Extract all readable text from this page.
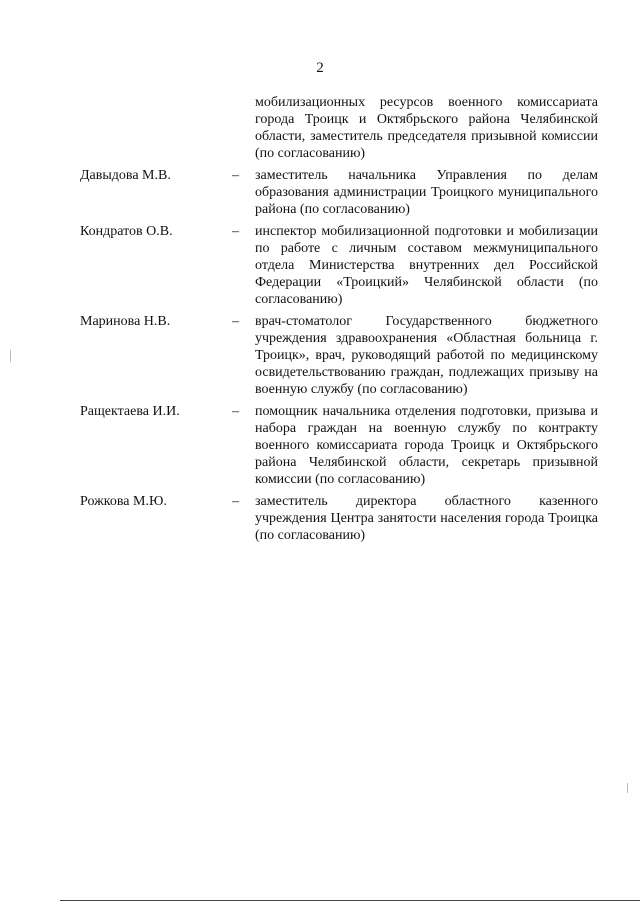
2
мобилизационных ресурсов военного комиссариата города Троицк и Октябрьского района Челябинской области, заместитель председателя призывной комиссии (по согласованию)
Давыдова М.В.	– заместитель начальника Управления по делам образования администрации Троицкого муниципального района (по согласованию)
Кондратов О.В.	– инспектор мобилизационной подготовки и мобилизации по работе с личным составом межмуниципального отдела Министерства внутренних дел Российской Федерации «Троицкий» Челябинской области (по согласованию)
Маринова Н.В.	– врач-стоматолог Государственного бюджетного учреждения здравоохранения «Областная больница г. Троицк», врач, руководящий работой по медицинскому освидетельствованию граждан, подлежащих призыву на военную службу (по согласованию)
Ращектаева И.И.	– помощник начальника отделения подготовки, призыва и набора граждан на военную службу по контракту военного комиссариата города Троицк и Октябрьского района Челябинской области, секретарь призывной комиссии (по согласованию)
Рожкова М.Ю.	– заместитель директора областного казенного учреждения Центра занятости населения города Троицка (по согласованию)
